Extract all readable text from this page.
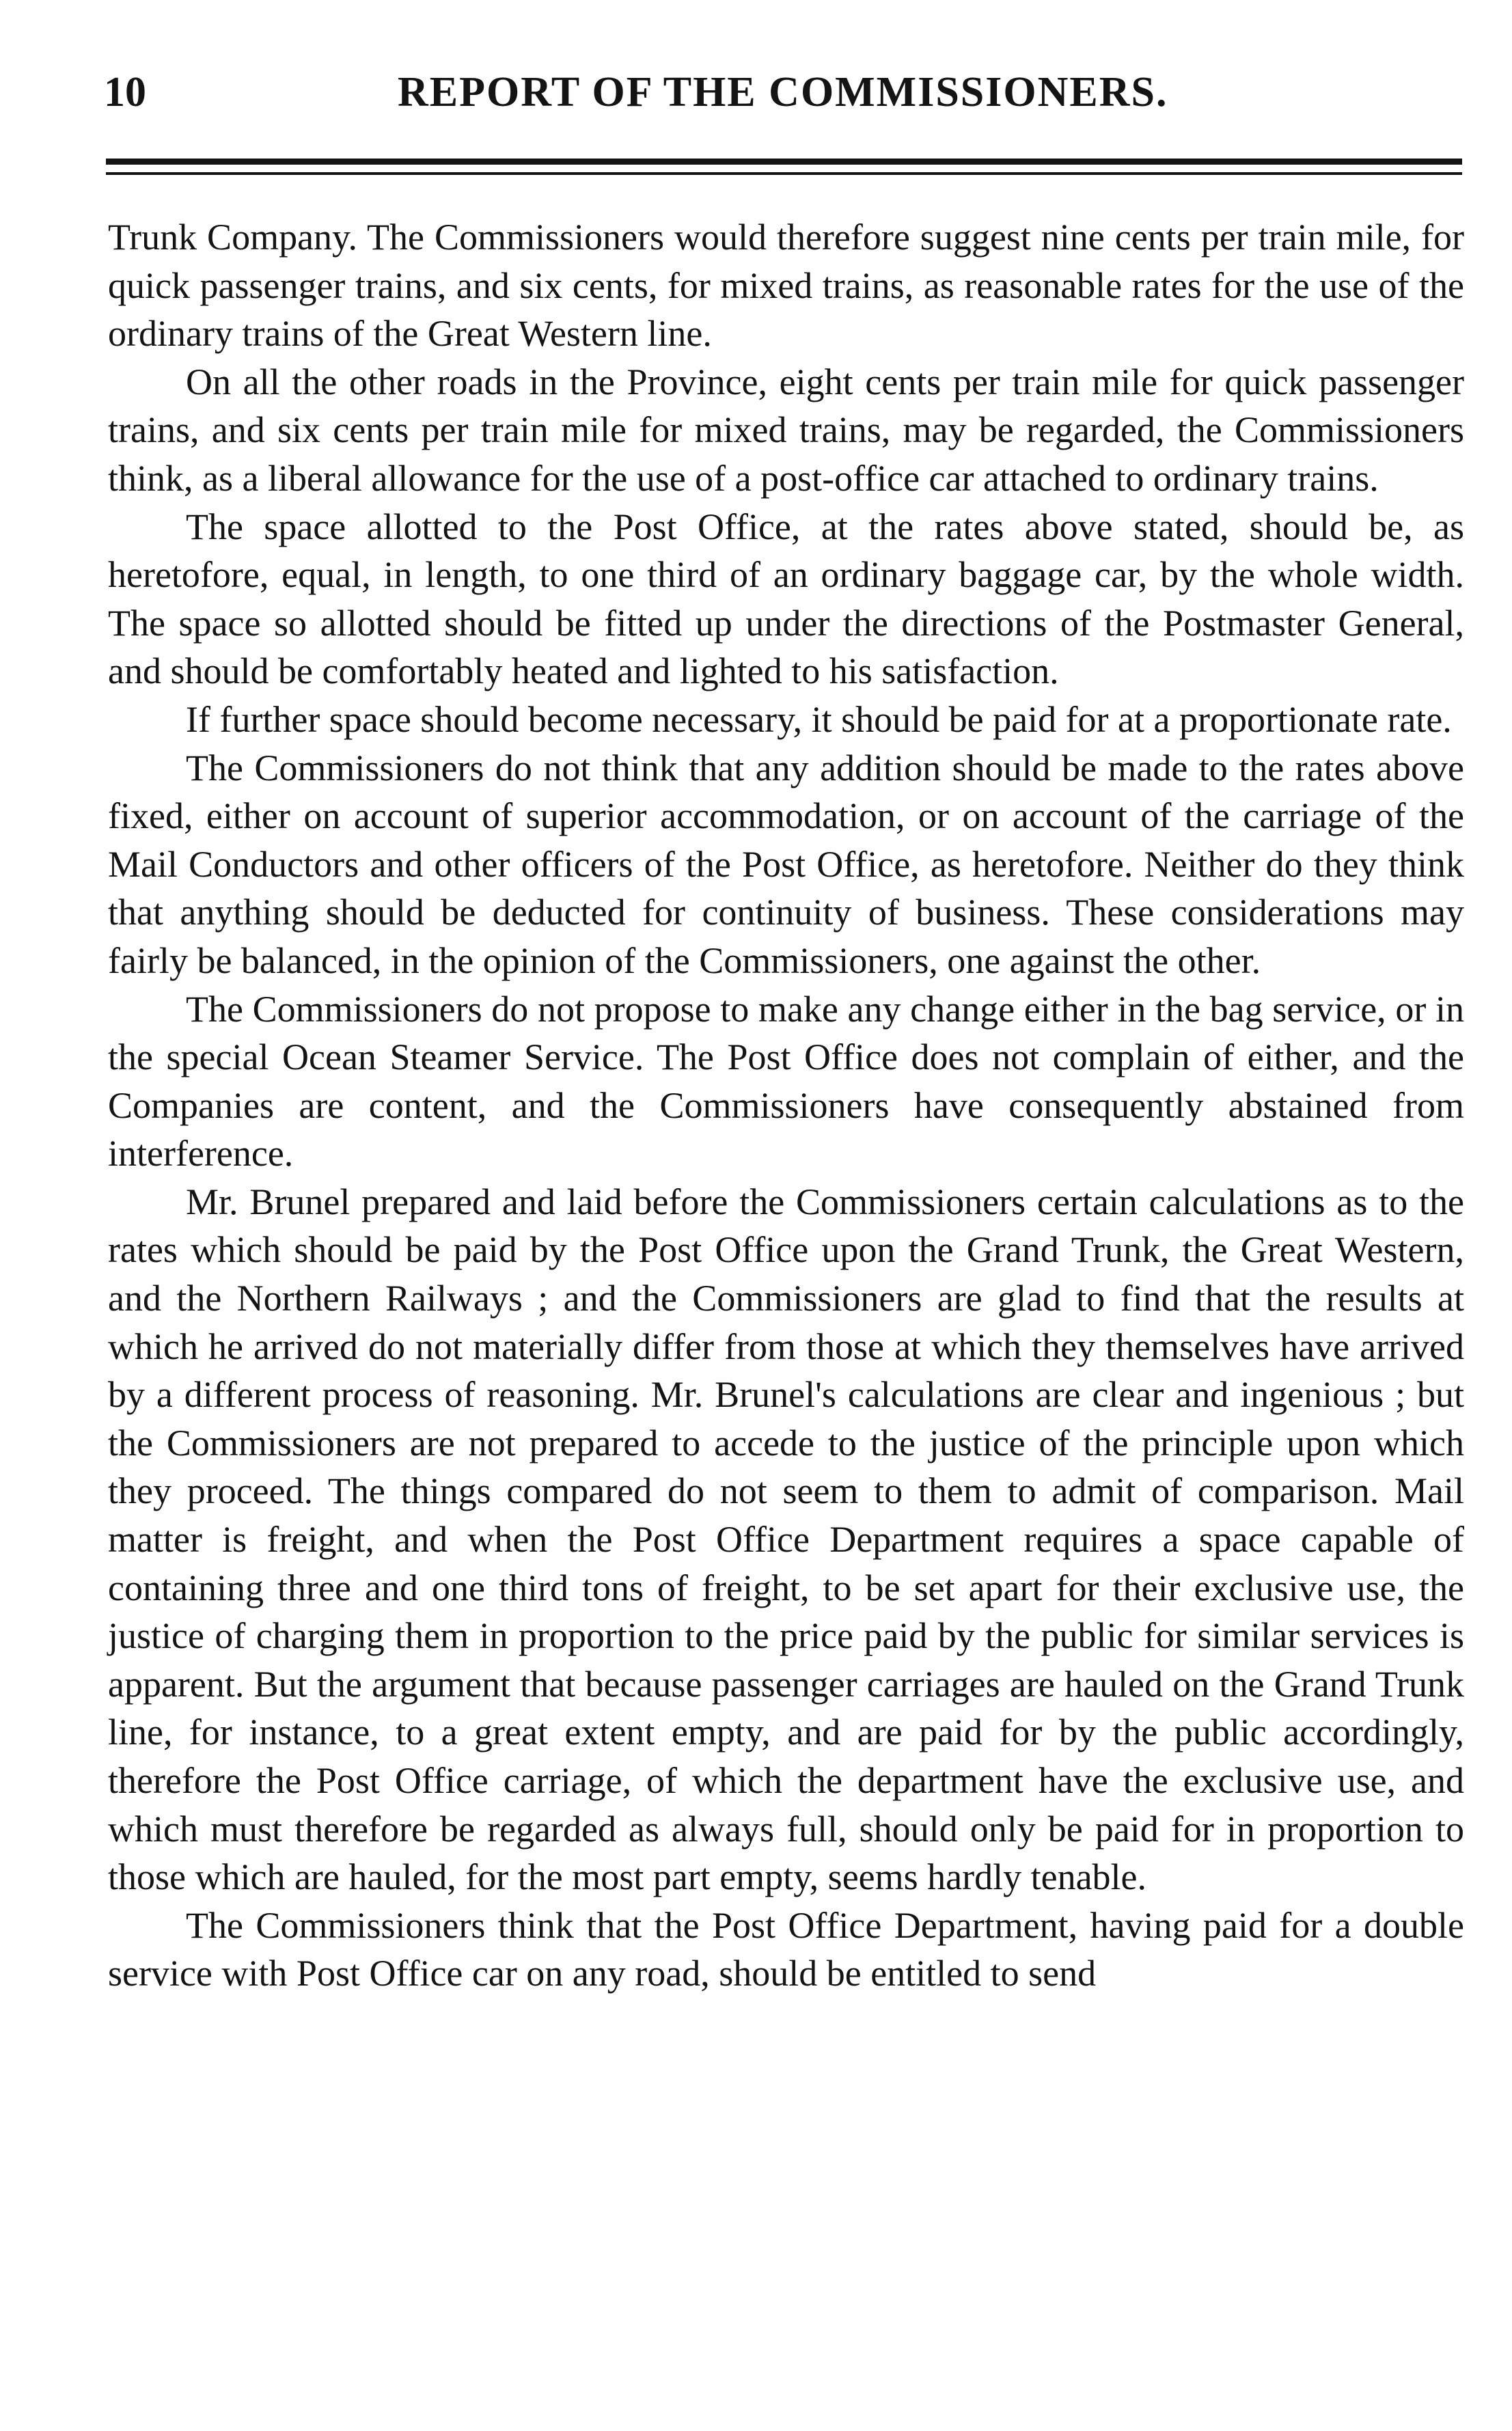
10	REPORT OF THE COMMISSIONERS.

Trunk Company. The Commissioners would therefore suggest nine cents per train mile, for quick passenger trains, and six cents, for mixed trains, as reasonable rates for the use of the ordinary trains of the Great Western line.

On all the other roads in the Province, eight cents per train mile for quick passenger trains, and six cents per train mile for mixed trains, may be regarded, the Commissioners think, as a liberal allowance for the use of a post-office car attached to ordinary trains.

The space allotted to the Post Office, at the rates above stated, should be, as heretofore, equal, in length, to one third of an ordinary baggage car, by the whole width. The space so allotted should be fitted up under the directions of the Postmaster General, and should be comfortably heated and lighted to his satisfaction.

If further space should become necessary, it should be paid for at a proportionate rate.

The Commissioners do not think that any addition should be made to the rates above fixed, either on account of superior accommodation, or on account of the carriage of the Mail Conductors and other officers of the Post Office, as heretofore. Neither do they think that anything should be deducted for continuity of business. These considerations may fairly be balanced, in the opinion of the Commissioners, one against the other.

The Commissioners do not propose to make any change either in the bag service, or in the special Ocean Steamer Service. The Post Office does not complain of either, and the Companies are content, and the Commissioners have consequently abstained from interference.

Mr. Brunel prepared and laid before the Commissioners certain calculations as to the rates which should be paid by the Post Office upon the Grand Trunk, the Great Western, and the Northern Railways ; and the Commissioners are glad to find that the results at which he arrived do not materially differ from those at which they themselves have arrived by a different process of reasoning. Mr. Brunel's calculations are clear and ingenious ; but the Commissioners are not prepared to accede to the justice of the principle upon which they proceed. The things compared do not seem to them to admit of comparison. Mail matter is freight, and when the Post Office Department requires a space capable of containing three and one third tons of freight, to be set apart for their exclusive use, the justice of charging them in proportion to the price paid by the public for similar services is apparent. But the argument that because passenger carriages are hauled on the Grand Trunk line, for instance, to a great extent empty, and are paid for by the public accordingly, therefore the Post Office carriage, of which the department have the exclusive use, and which must therefore be regarded as always full, should only be paid for in proportion to those which are hauled, for the most part empty, seems hardly tenable.

The Commissioners think that the Post Office Department, having paid for a double service with Post Office car on any road, should be entitled to send
